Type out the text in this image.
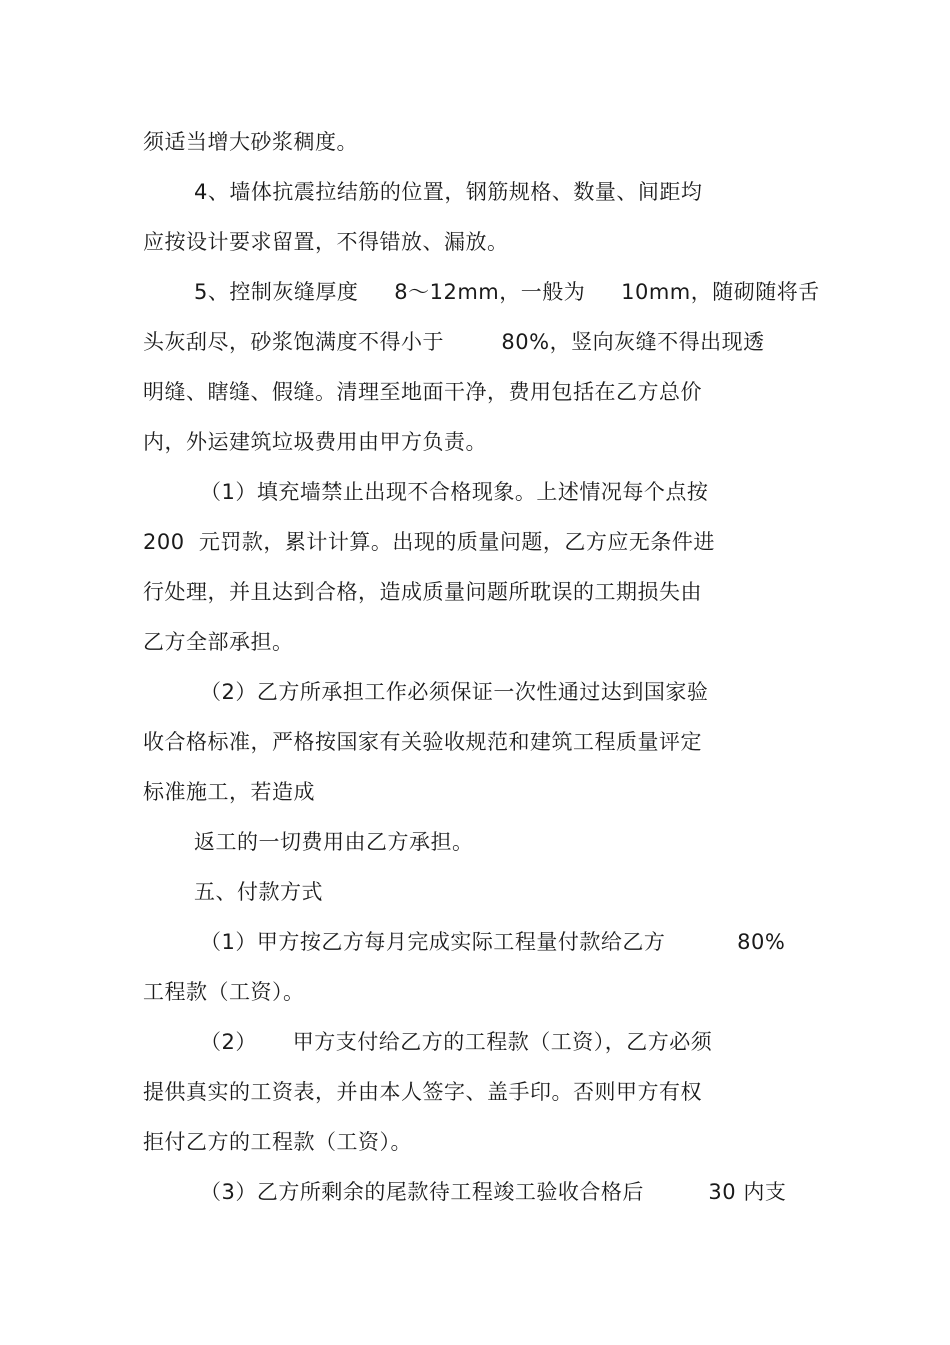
须适当增大砂浆稠度。
4、墙体抗震拉结筋的位置，钢筋规格、数量、间距均
应按设计要求留置，不得错放、漏放。
5、控制灰缝厚度     8～12mm，一般为     10mm，随砌随将舌
头灰刮尽，砂浆饱满度不得小于        80%，竖向灰缝不得出现透
明缝、瞎缝、假缝。清理至地面干净，费用包括在乙方总价
内，外运建筑垃圾费用由甲方负责。
（1）填充墙禁止出现不合格现象。上述情况每个点按
200  元罚款，累计计算。出现的质量问题，乙方应无条件进
行处理，并且达到合格，造成质量问题所耽误的工期损失由
乙方全部承担。
（2）乙方所承担工作必须保证一次性通过达到国家验
收合格标准，严格按国家有关验收规范和建筑工程质量评定
标准施工，若造成
返工的一切费用由乙方承担。
五、付款方式
（1）甲方按乙方每月完成实际工程量付款给乙方          80%
工程款（工资）。
（2）     甲方支付给乙方的工程款（工资），乙方必须
提供真实的工资表，并由本人签字、盖手印。否则甲方有权
拒付乙方的工程款（工资）。
（3）乙方所剩余的尾款待工程竣工验收合格后         30 内支
